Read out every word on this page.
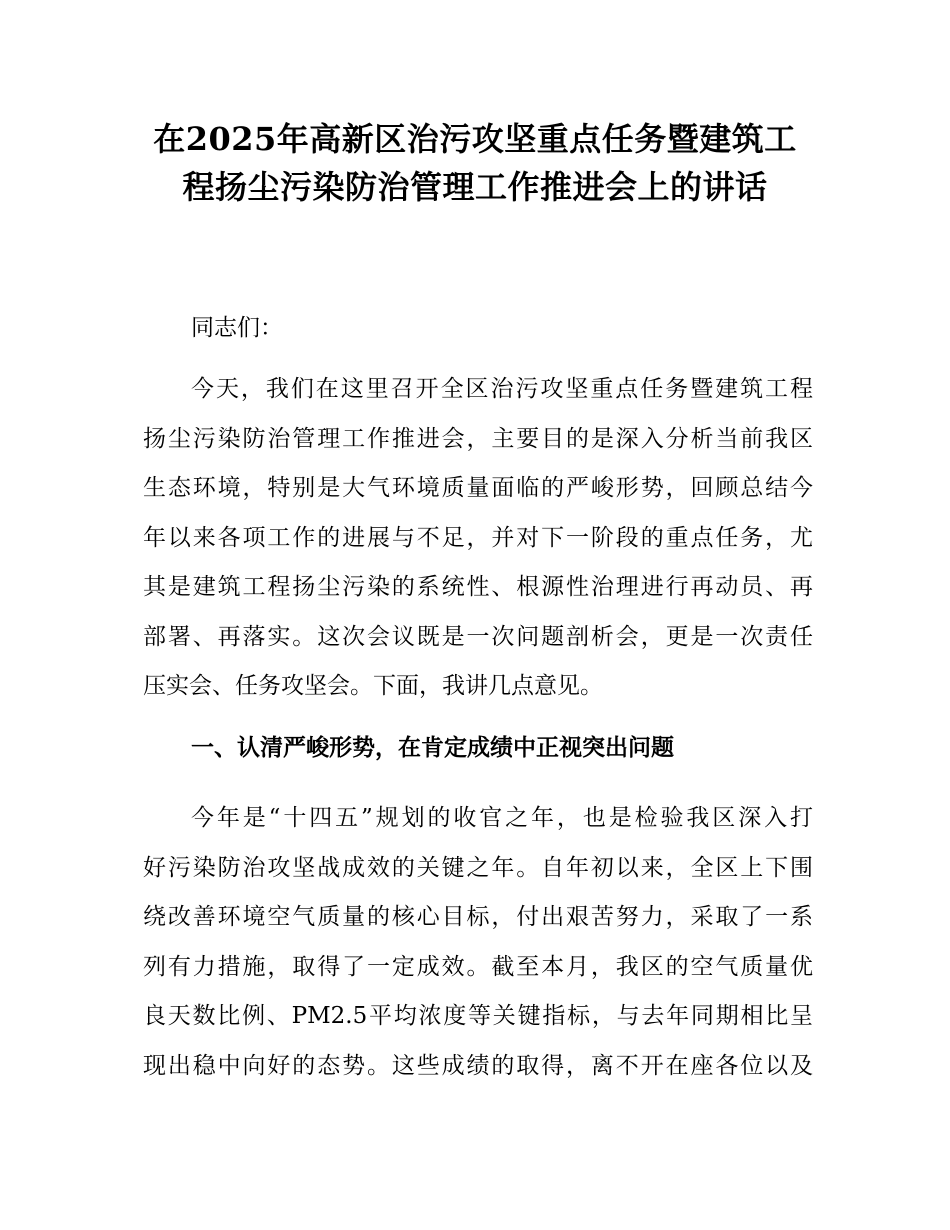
在2025年高新区治污攻坚重点任务暨建筑工
程扬尘污染防治管理工作推进会上的讲话
同志们：
今天，我们在这里召开全区治污攻坚重点任务暨建筑工程
扬尘污染防治管理工作推进会，主要目的是深入分析当前我区
生态环境，特别是大气环境质量面临的严峻形势，回顾总结今
年以来各项工作的进展与不足，并对下一阶段的重点任务，尤
其是建筑工程扬尘污染的系统性、根源性治理进行再动员、再
部署、再落实。这次会议既是一次问题剖析会，更是一次责任
压实会、任务攻坚会。下面，我讲几点意见。
一、认清严峻形势，在肯定成绩中正视突出问题
今年是“十四五”规划的收官之年，也是检验我区深入打
好污染防治攻坚战成效的关键之年。自年初以来，全区上下围
绕改善环境空气质量的核心目标，付出艰苦努力，采取了一系
列有力措施，取得了一定成效。截至本月，我区的空气质量优
良天数比例、PM2.5平均浓度等关键指标，与去年同期相比呈
现出稳中向好的态势。这些成绩的取得，离不开在座各位以及
